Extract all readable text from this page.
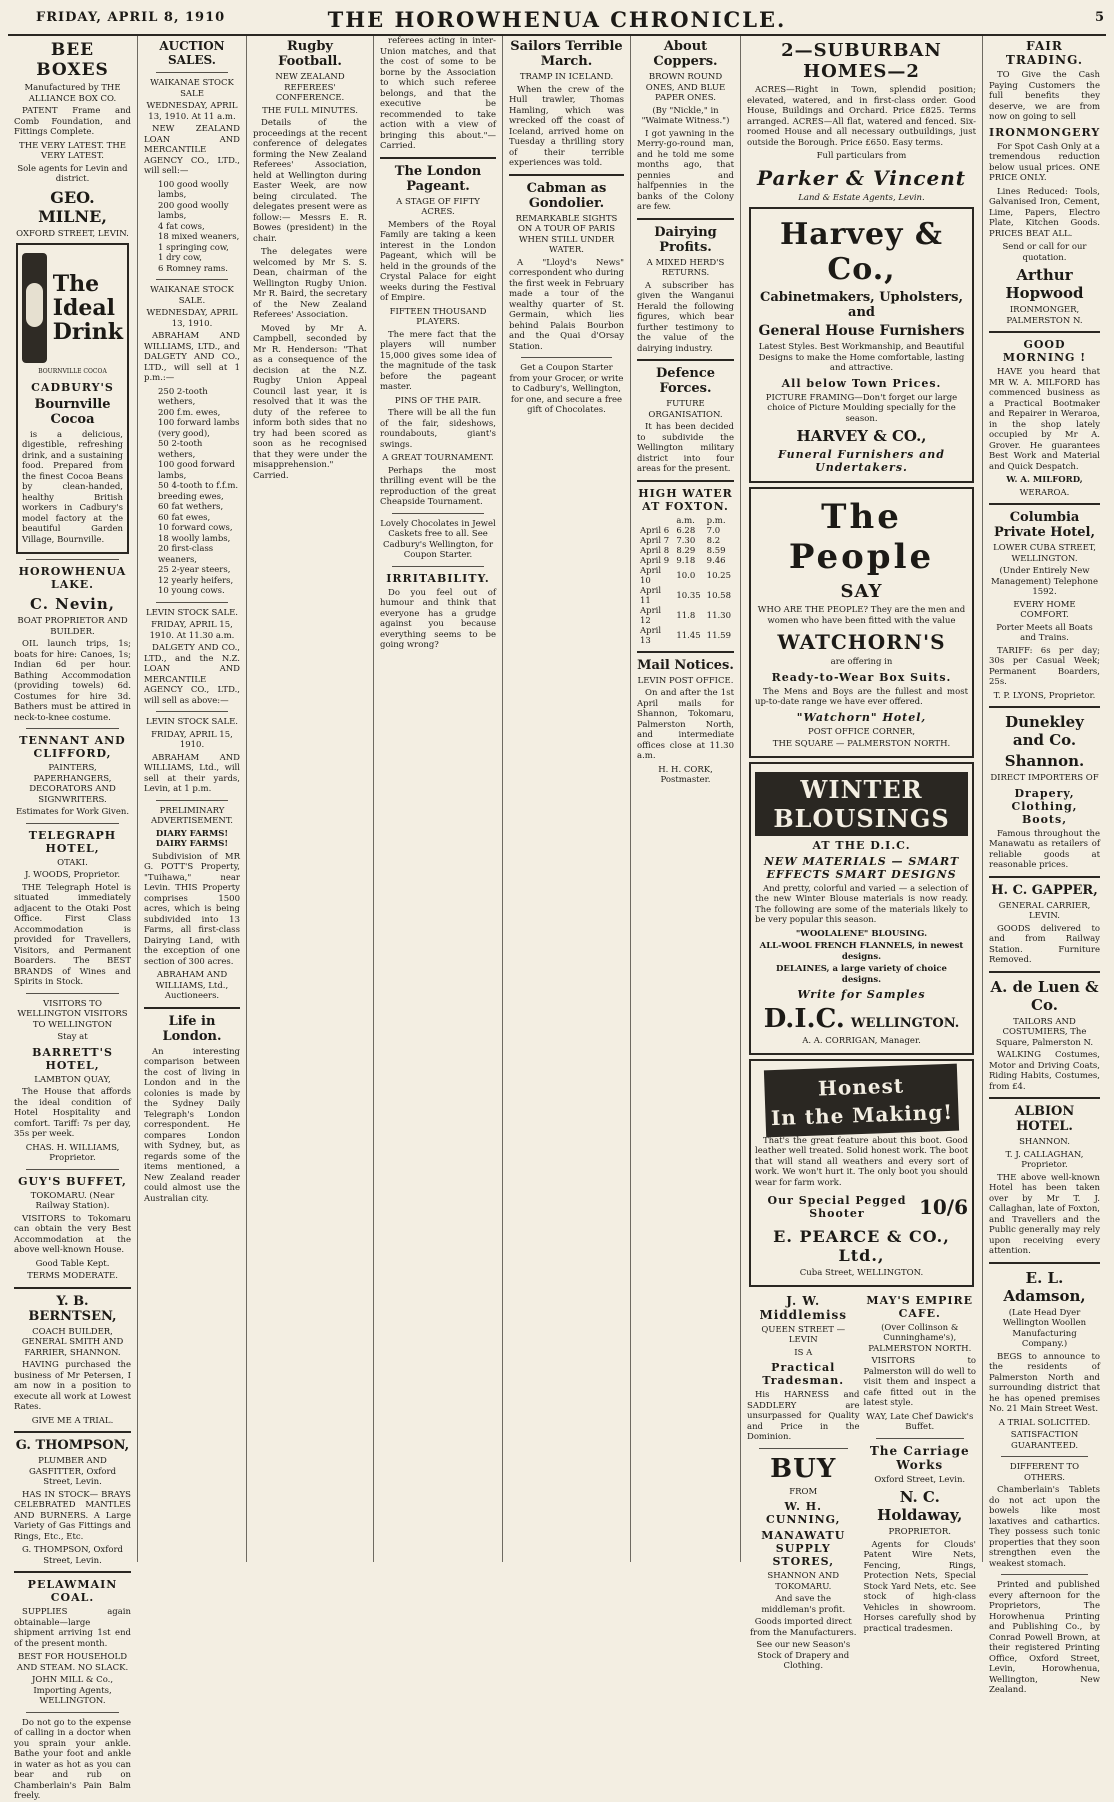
FRIDAY, APRIL 8, 1910	THE HOROWHENUA CHRONICLE.	5
BEE BOXES
Manufactured by THE ALLIANCE BOX CO.
PATENT Frame and Comb Foundation, and Fittings Complete.
THE VERY LATEST. THE VERY LATEST.
Sole agents for Levin and district.
GEO. MILNE,
OXFORD STREET, LEVIN.
The
Ideal
Drink
BOURNVILLE COCOA
CADBURY'S
Bournville Cocoa
is a delicious, digestible, refreshing drink, and a sustaining food. Prepared from the finest Cocoa Beans by clean-handed, healthy British workers in Cadbury's model factory at the beautiful Garden Village, Bournville.
HOROWHENUA LAKE.
C. Nevin,
BOAT PROPRIETOR AND BUILDER.
OIL launch trips, 1s; boats for hire: Canoes, 1s; Indian 6d per hour. Bathing Accommodation (providing towels) 6d. Costumes for hire 3d. Bathers must be attired in neck-to-knee costume.
TENNANT AND CLIFFORD,
PAINTERS, PAPERHANGERS, DECORATORS AND SIGNWRITERS.
Estimates for Work Given.
TELEGRAPH HOTEL,
OTAKI.
J. WOODS, Proprietor.
THE Telegraph Hotel is situated immediately adjacent to the Otaki Post Office. First Class Accommodation is provided for Travellers, Visitors, and Permanent Boarders. The BEST BRANDS of Wines and Spirits in Stock.
VISITORS TO WELLINGTON VISITORS TO WELLINGTON
Stay at
BARRETT'S HOTEL,
LAMBTON QUAY,
The House that affords the ideal condition of Hotel Hospitality and comfort. Tariff: 7s per day, 35s per week.
CHAS. H. WILLIAMS, Proprietor.
GUY'S BUFFET,
TOKOMARU. (Near Railway Station).
VISITORS to Tokomaru can obtain the very Best Accommodation at the above well-known House.
Good Table Kept.
TERMS MODERATE.
Y. B. BERNTSEN,
COACH BUILDER, GENERAL SMITH AND FARRIER, SHANNON.
HAVING purchased the business of Mr Petersen, I am now in a position to execute all work at Lowest Rates.
GIVE ME A TRIAL.
G. THOMPSON,
PLUMBER AND GASFITTER, Oxford Street, Levin.
HAS IN STOCK— BRAYS CELEBRATED MANTLES AND BURNERS. A Large Variety of Gas Fittings and Rings, Etc., Etc.
G. THOMPSON, Oxford Street, Levin.
PELAWMAIN COAL.
SUPPLIES again obtainable—large shipment arriving 1st end of the present month.
BEST FOR HOUSEHOLD AND STEAM. NO SLACK.
JOHN MILL & Co., Importing Agents, WELLINGTON.
Do not go to the expense of calling in a doctor when you sprain your ankle. Bathe your foot and ankle in water as hot as you can bear and rub on Chamberlain's Pain Balm freely.
AUCTION SALES.
WAIKANAE STOCK SALE
WEDNESDAY, APRIL 13, 1910. At 11 a.m.
NEW ZEALAND LOAN AND MERCANTILE AGENCY CO., LTD., will sell:—
100 good woolly lambs,
200 good woolly lambs,
4 fat cows,
18 mixed weaners,
1 springing cow,
1 dry cow,
6 Romney rams.
WAIKANAE STOCK SALE.
WEDNESDAY, APRIL 13, 1910.
ABRAHAM AND WILLIAMS, LTD., and DALGETY AND CO., LTD., will sell at 1 p.m.:—
250 2-tooth wethers,
200 f.m. ewes,
100 forward lambs (very good),
50 2-tooth wethers,
100 good forward lambs,
50 4-tooth to f.f.m. breeding ewes,
60 fat wethers,
60 fat ewes,
10 forward cows,
18 woolly lambs,
20 first-class weaners,
25 2-year steers,
12 yearly heifers,
10 young cows.
LEVIN STOCK SALE.
FRIDAY, APRIL 15, 1910. At 11.30 a.m.
DALGETY AND CO., LTD., and the N.Z. LOAN AND MERCANTILE AGENCY CO., LTD., will sell as above:—
LEVIN STOCK SALE.
FRIDAY, APRIL 15, 1910.
ABRAHAM AND WILLIAMS, Ltd., will sell at their yards, Levin, at 1 p.m.
PRELIMINARY ADVERTISEMENT.
DIARY FARMS! DAIRY FARMS!
Subdivision of MR G. POTT'S Property, "Tuihawa," near Levin. THIS Property comprises 1500 acres, which is being subdivided into 13 Farms, all first-class Dairying Land, with the exception of one section of 300 acres.
ABRAHAM AND WILLIAMS, Ltd., Auctioneers.
Life in London.
An interesting comparison between the cost of living in London and in the colonies is made by the Sydney Daily Telegraph's London correspondent. He compares London with Sydney, but, as regards some of the items mentioned, a New Zealand reader could almost use the Australian city.
Rugby Football.
NEW ZEALAND REFEREES' CONFERENCE.
THE FULL MINUTES.
Details of the proceedings at the recent conference of delegates forming the New Zealand Referees' Association, held at Wellington during Easter Week, are now being circulated. The delegates present were as follow:— Messrs E. R. Bowes (president) in the chair.
The delegates were welcomed by Mr S. S. Dean, chairman of the Wellington Rugby Union. Mr R. Baird, the secretary of the New Zealand Referees' Association.
Moved by Mr A. Campbell, seconded by Mr R. Henderson: "That as a consequence of the decision at the N.Z. Rugby Union Appeal Council last year, it is resolved that it was the duty of the referee to inform both sides that no try had been scored as soon as he recognised that they were under the misapprehension." Carried.
referees acting in inter-Union matches, and that the cost of some to be borne by the Association to which such referee belongs, and that the executive be recommended to take action with a view of bringing this about."—Carried.
The London Pageant.
A STAGE OF FIFTY ACRES.
Members of the Royal Family are taking a keen interest in the London Pageant, which will be held in the grounds of the Crystal Palace for eight weeks during the Festival of Empire.
FIFTEEN THOUSAND PLAYERS.
The mere fact that the players will number 15,000 gives some idea of the magnitude of the task before the pageant master.
PINS OF THE PAIR.
There will be all the fun of the fair, sideshows, roundabouts, giant's swings.
A GREAT TOURNAMENT.
Perhaps the most thrilling event will be the reproduction of the great Cheapside Tournament.
Lovely Chocolates in Jewel Caskets free to all. See Cadbury's Wellington, for Coupon Starter.
IRRITABILITY.
Do you feel out of humour and think that everyone has a grudge against you because everything seems to be going wrong?
Sailors Terrible March.
TRAMP IN ICELAND.
When the crew of the Hull trawler, Thomas Hamling, which was wrecked off the coast of Iceland, arrived home on Tuesday a thrilling story of their terrible experiences was told.
Cabman as Gondolier.
REMARKABLE SIGHTS ON A TOUR OF PARIS WHEN STILL UNDER WATER.
A "Lloyd's News" correspondent who during the first week in February made a tour of the wealthy quarter of St. Germain, which lies behind Palais Bourbon and the Quai d'Orsay Station.
Get a Coupon Starter from your Grocer, or write to Cadbury's, Wellington, for one, and secure a free gift of Chocolates.
About Coppers.
BROWN ROUND ONES, AND BLUE PAPER ONES.
(By "Nickle," in "Waimate Witness.")
I got yawning in the Merry-go-round man, and he told me some months ago, that pennies and halfpennies in the banks of the Colony are few.
Dairying Profits.
A MIXED HERD'S RETURNS.
A subscriber has given the Wanganui Herald the following figures, which bear further testimony to the value of the dairying industry.
Defence Forces.
FUTURE ORGANISATION.
It has been decided to subdivide the Wellington military district into four areas for the present.
HIGH WATER AT FOXTON.
	a.m.	p.m.
April 6	6.28	7.0
April 7	7.30	8.2
April 8	8.29	8.59
April 9	9.18	9.46
April 10	10.0	10.25
April 11	10.35	10.58
April 12	11.8	11.30
April 13	11.45	11.59
Mail Notices.
LEVIN POST OFFICE.
On and after the 1st April mails for Shannon, Tokomaru, Palmerston North, and intermediate offices close at 11.30 a.m.
H. H. CORK, Postmaster.
2—SUBURBAN HOMES—2
ACRES—Right in Town, splendid position; elevated, watered, and in first-class order. Good House, Buildings and Orchard. Price £825. Terms arranged. ACRES—All flat, watered and fenced. Six-roomed House and all necessary outbuildings, just outside the Borough. Price £650. Easy terms.
Full particulars from
Parker & Vincent
Land & Estate Agents, Levin.
Harvey & Co.,
Cabinetmakers, Upholsters, and
General House Furnishers
Latest Styles. Best Workmanship, and Beautiful Designs to make the Home comfortable, lasting and attractive.
All below Town Prices.
PICTURE FRAMING—Don't forget our large choice of Picture Moulding specially for the season.
HARVEY & CO.,
Funeral Furnishers and Undertakers.
The People
SAY
WHO ARE THE PEOPLE? They are the men and women who have been fitted with the value
WATCHORN'S
are offering in
Ready-to-Wear Box Suits.
The Mens and Boys are the fullest and most up-to-date range we have ever offered.
"Watchorn" Hotel,
POST OFFICE CORNER,
THE SQUARE — PALMERSTON NORTH.
WINTER BLOUSINGS
AT THE D.I.C.
NEW MATERIALS — SMART EFFECTS SMART DESIGNS
And pretty, colorful and varied — a selection of the new Winter Blouse materials is now ready. The following are some of the materials likely to be very popular this season.
"WOOLALENE" BLOUSING.
ALL-WOOL FRENCH FLANNELS, in newest designs.
DELAINES, a large variety of choice designs.
Write for Samples
D.I.C. WELLINGTON.
A. A. CORRIGAN, Manager.
Honest
In the Making!
That's the great feature about this boot. Good leather well treated. Solid honest work. The boot that will stand all weathers and every sort of work. We won't hurt it. The only boot you should wear for farm work.
Our Special Pegged Shooter	10/6
E. PEARCE & CO., Ltd.,
Cuba Street, WELLINGTON.
J. W. Middlemiss
QUEEN STREET — LEVIN
IS A
Practical Tradesman.
His HARNESS and SADDLERY are unsurpassed for Quality and Price in the Dominion.
BUY
FROM
W. H. CUNNING,
MANAWATU SUPPLY STORES,
SHANNON AND TOKOMARU.
And save the middleman's profit.
Goods imported direct from the Manufacturers.
See our new Season's Stock of Drapery and Clothing.
MAY'S EMPIRE CAFE.
(Over Collinson & Cunninghame's), PALMERSTON NORTH.
VISITORS to Palmerston will do well to visit them and inspect a cafe fitted out in the latest style.
WAY, Late Chef Dawick's Buffet.
The Carriage Works
Oxford Street, Levin.
N. C. Holdaway,
PROPRIETOR.
Agents for Clouds' Patent Wire Nets, Fencing, Rings, Protection Nets, Special Stock Yard Nets, etc. See stock of high-class Vehicles in showroom. Horses carefully shod by practical tradesmen.
FAIR TRADING.
TO Give the Cash Paying Customers the full benefits they deserve, we are from now on going to sell
IRONMONGERY
For Spot Cash Only at a tremendous reduction below usual prices. ONE PRICE ONLY.
Lines Reduced: Tools, Galvanised Iron, Cement, Lime, Papers, Electro Plate, Kitchen Goods. PRICES BEAT ALL.
Send or call for our quotation.
Arthur Hopwood
IRONMONGER, PALMERSTON N.
GOOD MORNING !
HAVE you heard that MR W. A. MILFORD has commenced business as a Practical Bootmaker and Repairer in Weraroa, in the shop lately occupied by Mr A. Grover. He guarantees Best Work and Material and Quick Despatch.
W. A. MILFORD,
WERAROA.
Columbia Private Hotel,
LOWER CUBA STREET, WELLINGTON.
(Under Entirely New Management) Telephone 1592.
EVERY HOME COMFORT.
Porter Meets all Boats and Trains.
TARIFF: 6s per day; 30s per Casual Week; Permanent Boarders, 25s.
T. P. LYONS, Proprietor.
Dunekley and Co.
Shannon.
DIRECT IMPORTERS OF
Drapery, Clothing, Boots,
Famous throughout the Manawatu as retailers of reliable goods at reasonable prices.
H. C. GAPPER,
GENERAL CARRIER, LEVIN.
GOODS delivered to and from Railway Station. Furniture Removed.
A. de Luen & Co.
TAILORS AND COSTUMIERS, The Square, Palmerston N.
WALKING Costumes, Motor and Driving Coats, Riding Habits, Costumes, from £4.
ALBION HOTEL.
SHANNON.
T. J. CALLAGHAN, Proprietor.
THE above well-known Hotel has been taken over by Mr T. J. Callaghan, late of Foxton, and Travellers and the Public generally may rely upon receiving every attention.
E. L. Adamson,
(Late Head Dyer Wellington Woollen Manufacturing Company.)
BEGS to announce to the residents of Palmerston North and surrounding district that he has opened premises No. 21 Main Street West.
A TRIAL SOLICITED.
SATISFACTION GUARANTEED.
DIFFERENT TO OTHERS.
Chamberlain's Tablets do not act upon the bowels like most laxatives and cathartics. They possess such tonic properties that they soon strengthen even the weakest stomach.
Printed and published every afternoon for the Proprietors, The Horowhenua Printing and Publishing Co., by Conrad Powell Brown, at their registered Printing Office, Oxford Street, Levin, Horowhenua, Wellington, New Zealand.
